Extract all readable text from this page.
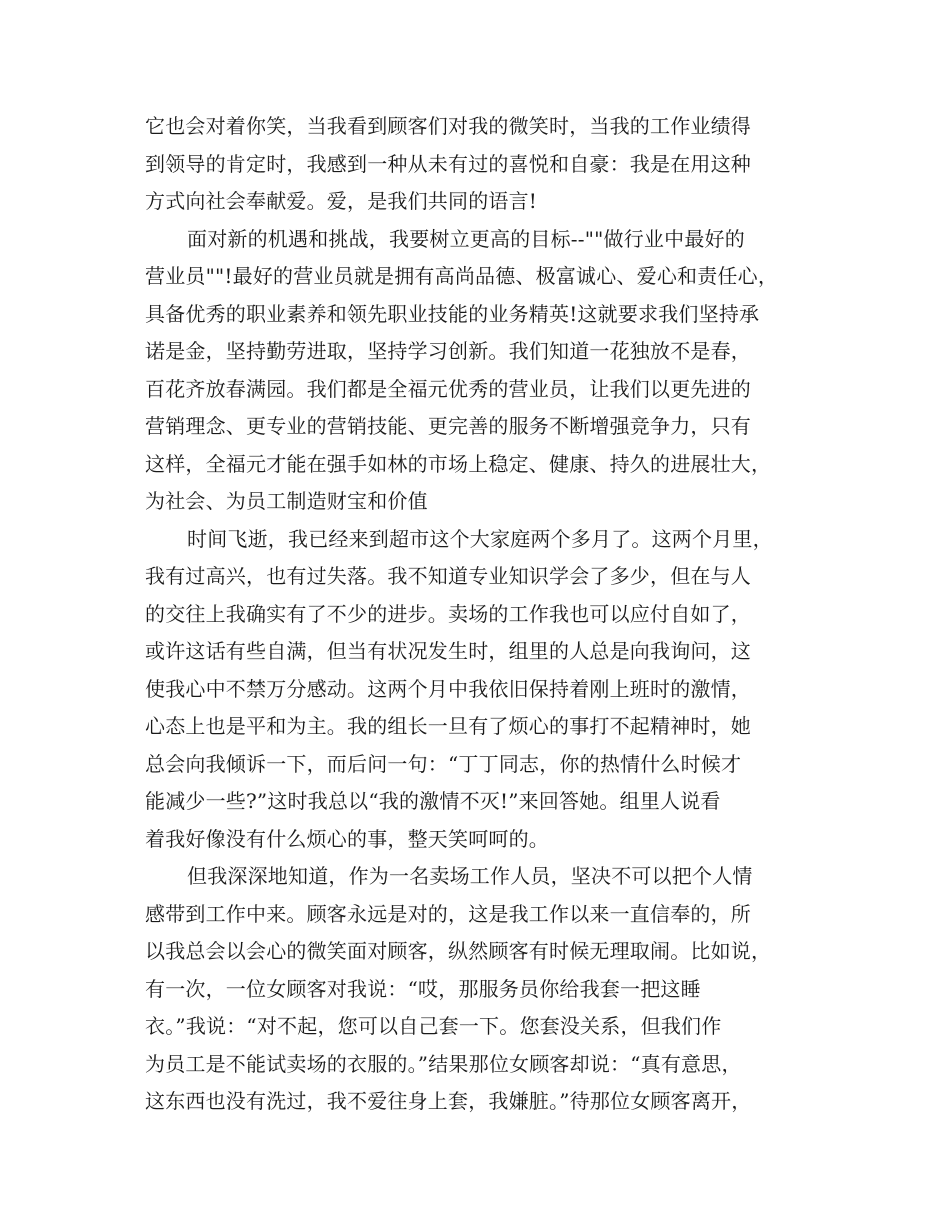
它也会对着你笑，当我看到顾客们对我的微笑时，当我的工作业绩得
到领导的肯定时，我感到一种从未有过的喜悦和自豪：我是在用这种
方式向社会奉献爱。爱，是我们共同的语言!
面对新的机遇和挑战，我要树立更高的目标--""做行业中最好的
营业员""!最好的营业员就是拥有高尚品德、极富诚心、爱心和责任心，
具备优秀的职业素养和领先职业技能的业务精英!这就要求我们坚持承
诺是金，坚持勤劳进取，坚持学习创新。我们知道一花独放不是春，
百花齐放春满园。我们都是全福元优秀的营业员，让我们以更先进的
营销理念、更专业的营销技能、更完善的服务不断增强竞争力，只有
这样，全福元才能在强手如林的市场上稳定、健康、持久的进展壮大，
为社会、为员工制造财宝和价值
时间飞逝，我已经来到超市这个大家庭两个多月了。这两个月里，
我有过高兴，也有过失落。我不知道专业知识学会了多少，但在与人
的交往上我确实有了不少的进步。卖场的工作我也可以应付自如了，
或许这话有些自满，但当有状况发生时，组里的人总是向我询问，这
使我心中不禁万分感动。这两个月中我依旧保持着刚上班时的激情，
心态上也是平和为主。我的组长一旦有了烦心的事打不起精神时，她
总会向我倾诉一下，而后问一句：“丁丁同志，你的热情什么时候才
能减少一些?”这时我总以“我的激情不灭!”来回答她。组里人说看
着我好像没有什么烦心的事，整天笑呵呵的。
但我深深地知道，作为一名卖场工作人员，坚决不可以把个人情
感带到工作中来。顾客永远是对的，这是我工作以来一直信奉的，所
以我总会以会心的微笑面对顾客，纵然顾客有时候无理取闹。比如说，
有一次，一位女顾客对我说：“哎，那服务员你给我套一把这睡
衣。”我说：“对不起，您可以自己套一下。您套没关系，但我们作
为员工是不能试卖场的衣服的。”结果那位女顾客却说：“真有意思，
这东西也没有洗过，我不爱往身上套，我嫌脏。”待那位女顾客离开，
